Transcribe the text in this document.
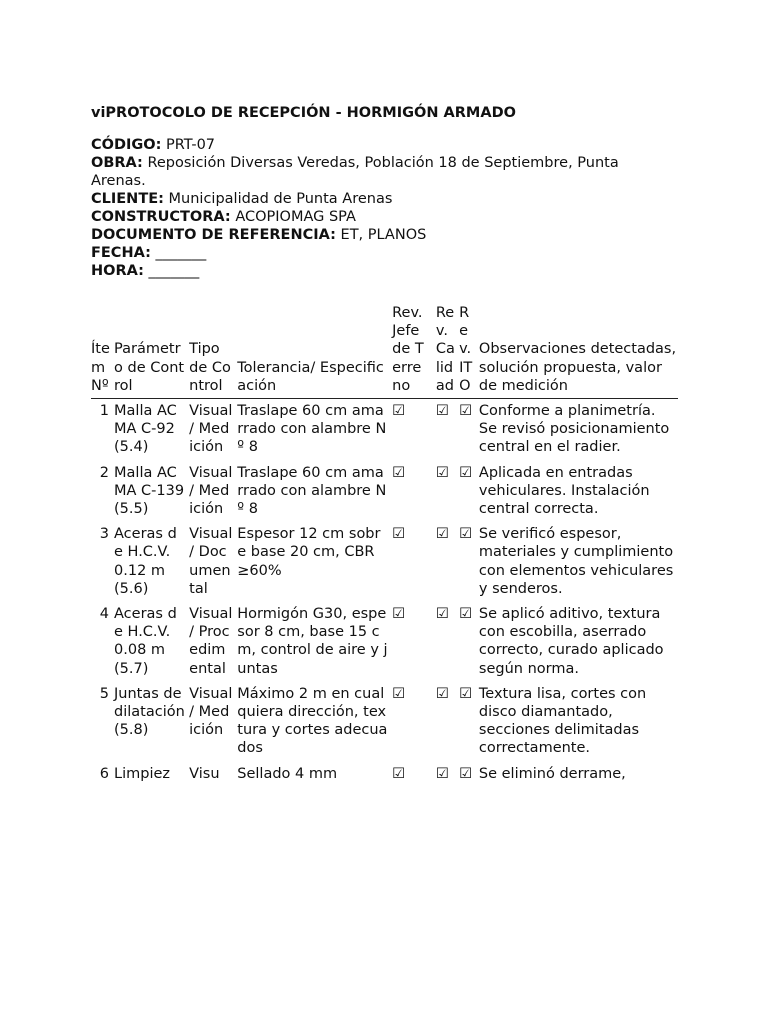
viPROTOCOLO DE RECEPCIÓN - HORMIGÓN ARMADO
CÓDIGO: PRT-07
OBRA: Reposición Diversas Veredas, Población 18 de Septiembre, Punta Arenas.
CLIENTE: Municipalidad de Punta Arenas
CONSTRUCTORA: ACOPIOMAG SPA
DOCUMENTO DE REFERENCIA: ET, PLANOS
FECHA: _______
HORA: _______
Ítem Nº	Parámetro de Control	Tipo de Control	Tolerancia/ Especificación	Rev. Jefe de Terreno	Rev. Calidad	Rev. ITO	Observaciones detectadas, solución propuesta, valor de medición
1	Malla ACMA C-92 (5.4)	Visual / Medición	Traslape 60 cm amarrado con alambre Nº 8	☑	☑	☑	Conforme a planimetría. Se revisó posicionamiento central en el radier.
2	Malla ACMA C-139 (5.5)	Visual / Medición	Traslape 60 cm amarrado con alambre Nº 8	☑	☑	☑	Aplicada en entradas vehiculares. Instalación central correcta.
3	Aceras de H.C.V. 0.12 m (5.6)	Visual / Documental	Espesor 12 cm sobre base 20 cm, CBR ≥60%	☑	☑	☑	Se verificó espesor, materiales y cumplimiento con elementos vehiculares y senderos.
4	Aceras de H.C.V. 0.08 m (5.7)	Visual / Procedimental	Hormigón G30, espesor 8 cm, base 15 cm, control de aire y juntas	☑	☑	☑	Se aplicó aditivo, textura con escobilla, aserrado correcto, curado aplicado según norma.
5	Juntas de dilatación (5.8)	Visual / Medición	Máximo 2 m en cualquiera dirección, textura y cortes adecuados	☑	☑	☑	Textura lisa, cortes con disco diamantado, secciones delimitadas correctamente.
6	Limpiez	Visu	Sellado 4 mm	☑	☑	☑	Se eliminó derrame,
